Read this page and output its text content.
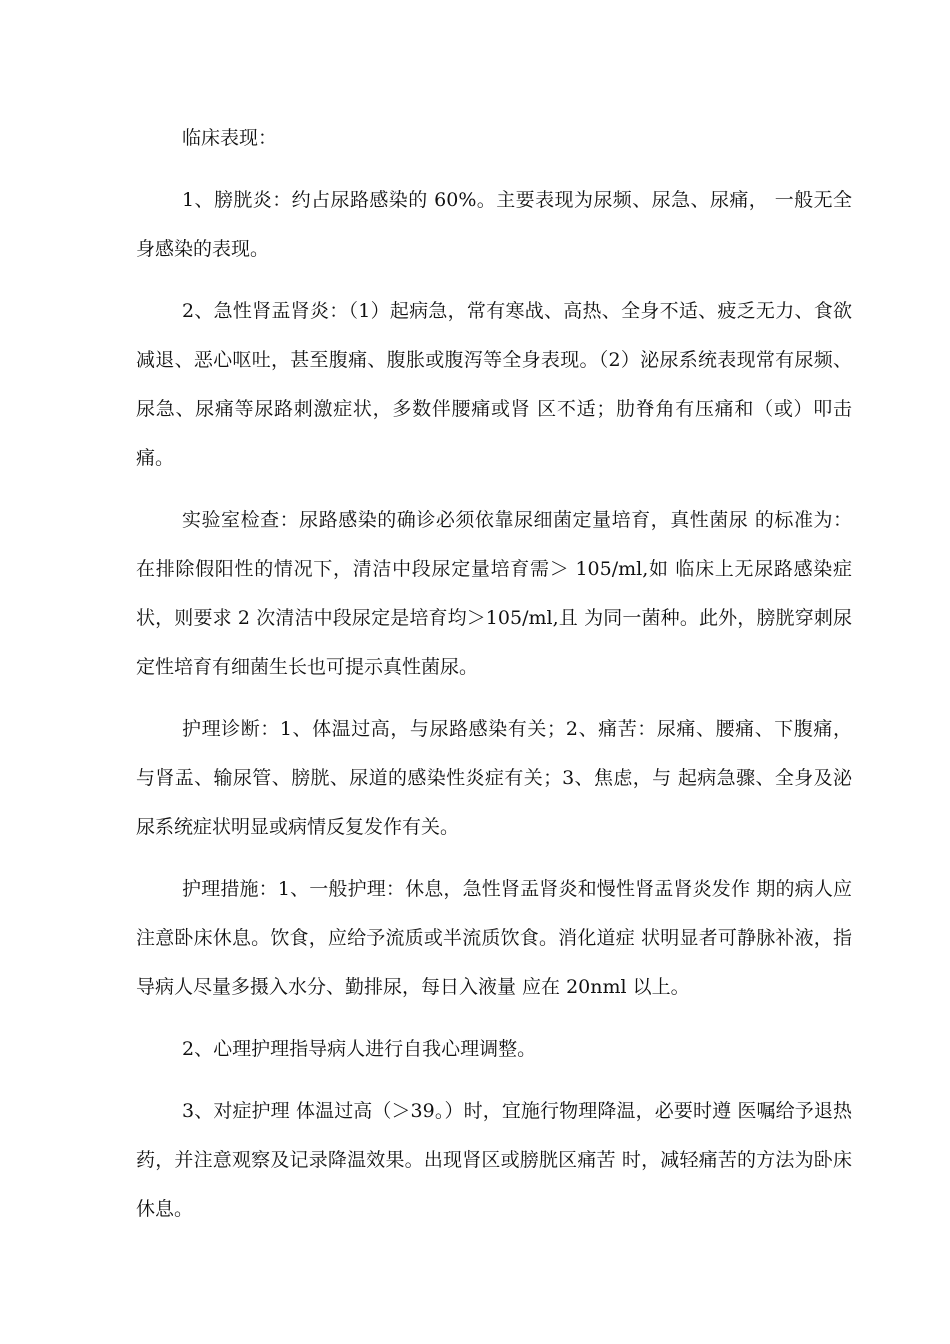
临床表现：

1、膀胱炎：约占尿路感染的 60%。主要表现为尿频、尿急、尿痛， 一般无全身感染的表现。

2、急性肾盂肾炎：（1）起病急，常有寒战、高热、全身不适、疲乏无力、食欲减退、恶心呕吐，甚至腹痛、腹胀或腹泻等全身表现。（2）泌尿系统表现常有尿频、尿急、尿痛等尿路刺激症状，多数伴腰痛或肾 区不适；肋脊角有压痛和（或）叩击痛。

实验室检查：尿路感染的确诊必须依靠尿细菌定量培育，真性菌尿 的标准为：在排除假阳性的情况下，清洁中段尿定量培育需＞ 105/ml,如 临床上无尿路感染症状，则要求 2 次清洁中段尿定是培育均＞105/ml,且 为同一菌种。此外，膀胱穿刺尿定性培育有细菌生长也可提示真性菌尿。

护理诊断：1、体温过高，与尿路感染有关；2、痛苦：尿痛、腰痛、下腹痛，与肾盂、输尿管、膀胱、尿道的感染性炎症有关；3、焦虑，与 起病急骤、全身及泌尿系统症状明显或病情反复发作有关。

护理措施：1、一般护理：休息，急性肾盂肾炎和慢性肾盂肾炎发作 期的病人应注意卧床休息。饮食，应给予流质或半流质饮食。消化道症 状明显者可静脉补液，指导病人尽量多摄入水分、勤排尿，每日入液量 应在 20nml 以上。

2、心理护理指导病人进行自我心理调整。

3、对症护理 体温过高（＞39。）时，宜施行物理降温，必要时遵 医嘱给予退热药，并注意观察及记录降温效果。出现肾区或膀胱区痛苦 时，减轻痛苦的方法为卧床休息。
